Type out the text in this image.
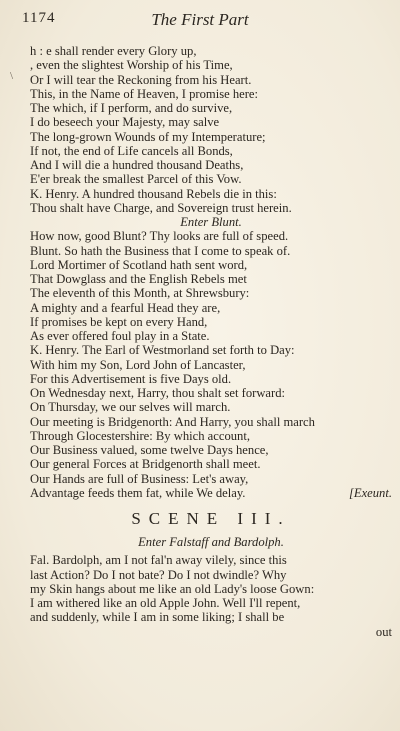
\
1174	The First Part
h : e shall render every Glory up,
, even the slightest Worship of his Time,
Or I will tear the Reckoning from his Heart.
This, in the Name of Heaven, I promise here:
The which, if I perform, and do survive,
I do beseech your Majesty, may salve
The long-grown Wounds of my Intemperature;
If not, the end of Life cancels all Bonds,
And I will die a hundred thousand Deaths,
E'er break the smallest Parcel of this Vow.
K. Henry. A hundred thousand Rebels die in this:
Thou shalt have Charge, and Sovereign trust herein.
Enter Blunt.
How now, good Blunt? Thy looks are full of speed.
Blunt. So hath the Business that I come to speak of.
Lord Mortimer of Scotland hath sent word,
That Dowglass and the English Rebels met
The eleventh of this Month, at Shrewsbury:
A mighty and a fearful Head they are,
If promises be kept on every Hand,
As ever offered foul play in a State.
K. Henry. The Earl of Westmorland set forth to Day:
With him my Son, Lord John of Lancaster,
For this Advertisement is five Days old.
On Wednesday next, Harry, thou shalt set forward:
On Thursday, we our selves will march.
Our meeting is Bridgenorth: And Harry, you shall march
Through Glocestershire: By which account,
Our Business valued, some twelve Days hence,
Our general Forces at Bridgenorth shall meet.
Our Hands are full of Business: Let's away,
Advantage feeds them fat, while We delay.	[Exeunt.
SCENE III.
Enter Falstaff and Bardolph.
Fal. Bardolph, am I not fal'n away vilely, since this
last Action? Do I not bate? Do I not dwindle? Why
my Skin hangs about me like an old Lady's loose Gown:
I am withered like an old Apple John. Well I'll repent,
and suddenly, while I am in some liking; I shall be
out
